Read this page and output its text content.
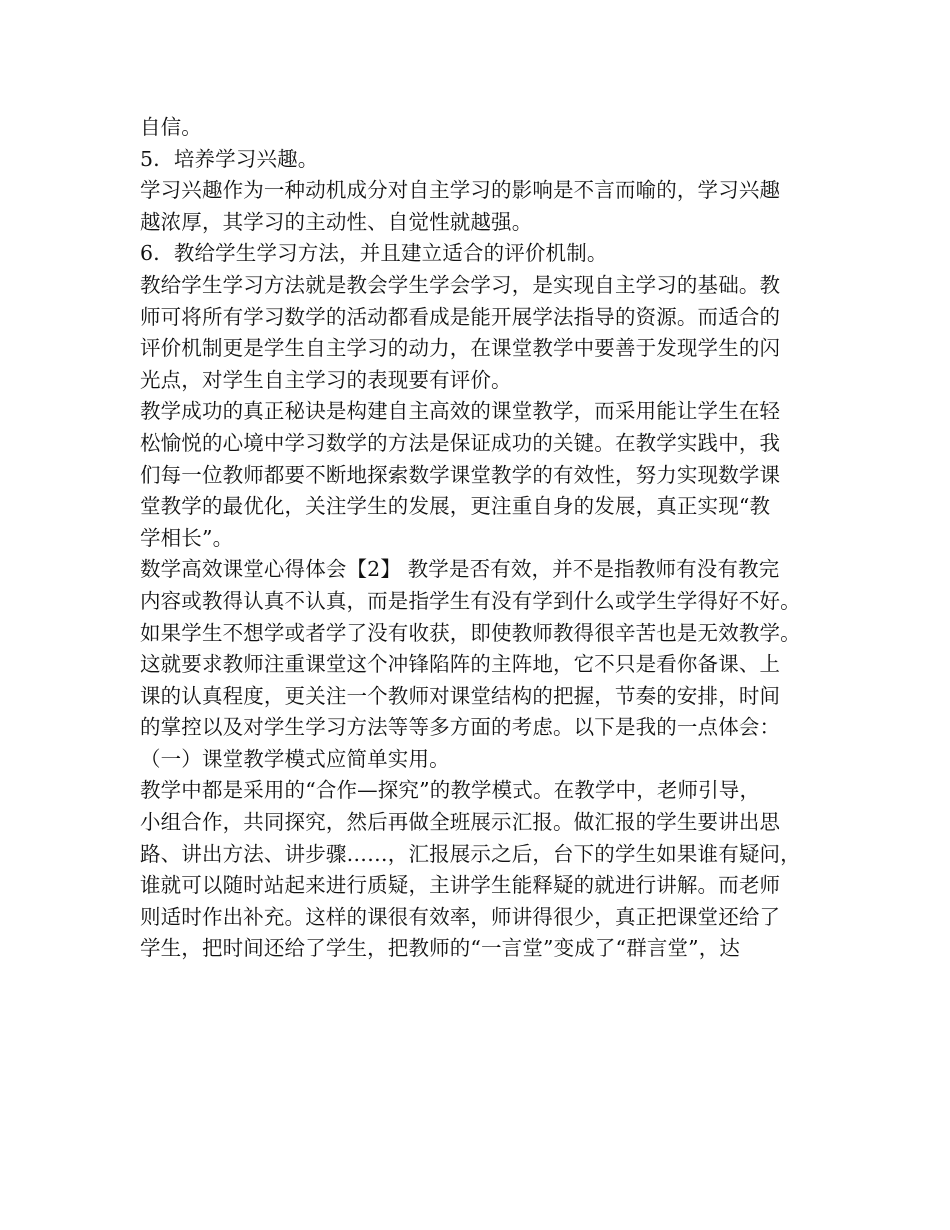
自信。
5．培养学习兴趣。
学习兴趣作为一种动机成分对自主学习的影响是不言而喻的，学习兴趣
越浓厚，其学习的主动性、自觉性就越强。
6．教给学生学习方法，并且建立适合的评价机制。
教给学生学习方法就是教会学生学会学习，是实现自主学习的基础。教
师可将所有学习数学的活动都看成是能开展学法指导的资源。而适合的
评价机制更是学生自主学习的动力，在课堂教学中要善于发现学生的闪
光点，对学生自主学习的表现要有评价。
教学成功的真正秘诀是构建自主高效的课堂教学，而采用能让学生在轻
松愉悦的心境中学习数学的方法是保证成功的关键。在教学实践中，我
们每一位教师都要不断地探索数学课堂教学的有效性，努力实现数学课
堂教学的最优化，关注学生的发展，更注重自身的发展，真正实现“教
学相长”。
数学高效课堂心得体会【2】 教学是否有效，并不是指教师有没有教完
内容或教得认真不认真，而是指学生有没有学到什么或学生学得好不好。
如果学生不想学或者学了没有收获，即使教师教得很辛苦也是无效教学。
这就要求教师注重课堂这个冲锋陷阵的主阵地，它不只是看你备课、上
课的认真程度，更关注一个教师对课堂结构的把握，节奏的安排，时间
的掌控以及对学生学习方法等等多方面的考虑。以下是我的一点体会：
（一）课堂教学模式应简单实用。
教学中都是采用的“合作—探究”的教学模式。在教学中，老师引导，
小组合作，共同探究，然后再做全班展示汇报。做汇报的学生要讲出思
路、讲出方法、讲步骤……，汇报展示之后，台下的学生如果谁有疑问，
谁就可以随时站起来进行质疑，主讲学生能释疑的就进行讲解。而老师
则适时作出补充。这样的课很有效率，师讲得很少，真正把课堂还给了
学生，把时间还给了学生，把教师的“一言堂”变成了“群言堂”，达
